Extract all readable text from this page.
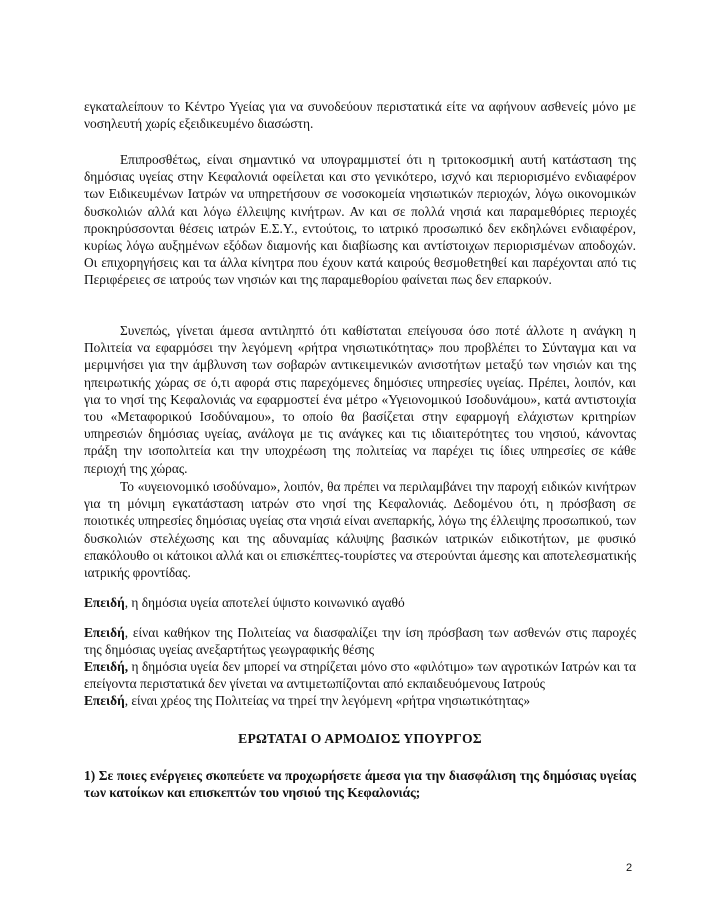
εγκαταλείπουν το Κέντρο Υγείας για να συνοδεύουν περιστατικά είτε να αφήνουν ασθενείς μόνο με νοσηλευτή χωρίς εξειδικευμένο διασώστη.
Επιπροσθέτως, είναι σημαντικό να υπογραμμιστεί ότι η τριτοκοσμική αυτή κατάσταση της δημόσιας υγείας στην Κεφαλονιά οφείλεται και στο γενικότερο, ισχνό και περιορισμένο ενδιαφέρον των Ειδικευμένων Ιατρών να υπηρετήσουν σε νοσοκομεία νησιωτικών περιοχών, λόγω οικονομικών δυσκολιών αλλά και λόγω έλλειψης κινήτρων. Αν και σε πολλά νησιά και παραμεθόριες περιοχές προκηρύσσονται θέσεις ιατρών Ε.Σ.Υ., εντούτοις, το ιατρικό προσωπικό δεν εκδηλώνει ενδιαφέρον, κυρίως λόγω αυξημένων εξόδων διαμονής και διαβίωσης και αντίστοιχων περιορισμένων αποδοχών. Οι επιχορηγήσεις και τα άλλα κίνητρα που έχουν κατά καιρούς θεσμοθετηθεί και παρέχονται από τις Περιφέρειες σε ιατρούς των νησιών και της παραμεθορίου φαίνεται πως δεν επαρκούν.
Συνεπώς, γίνεται άμεσα αντιληπτό ότι καθίσταται επείγουσα όσο ποτέ άλλοτε η ανάγκη η Πολιτεία να εφαρμόσει την λεγόμενη «ρήτρα νησιωτικότητας» που προβλέπει το Σύνταγμα και να μεριμνήσει για την άμβλυνση των σοβαρών αντικειμενικών ανισοτήτων μεταξύ των νησιών και της ηπειρωτικής χώρας σε ό,τι αφορά στις παρεχόμενες δημόσιες υπηρεσίες υγείας. Πρέπει, λοιπόν, και για το νησί της Κεφαλονιάς να εφαρμοστεί ένα μέτρο «Υγειονομικού Ισοδυνάμου», κατά αντιστοιχία του «Μεταφορικού Ισοδύναμου», το οποίο θα βασίζεται στην εφαρμογή ελάχιστων κριτηρίων υπηρεσιών δημόσιας υγείας, ανάλογα με τις ανάγκες και τις ιδιαιτερότητες του νησιού, κάνοντας πράξη την ισοπολιτεία και την υποχρέωση της πολιτείας να παρέχει τις ίδιες υπηρεσίες σε κάθε περιοχή της χώρας.
Το «υγειονομικό ισοδύναμο», λοιπόν, θα πρέπει να περιλαμβάνει την παροχή ειδικών κινήτρων για τη μόνιμη εγκατάσταση ιατρών στο νησί της Κεφαλονιάς. Δεδομένου ότι, η πρόσβαση σε ποιοτικές υπηρεσίες δημόσιας υγείας στα νησιά είναι ανεπαρκής, λόγω της έλλειψης προσωπικού, των δυσκολιών στελέχωσης και της αδυναμίας κάλυψης βασικών ιατρικών ειδικοτήτων, με φυσικό επακόλουθο οι κάτοικοι αλλά και οι επισκέπτες-τουρίστες να στερούνται άμεσης και αποτελεσματικής ιατρικής φροντίδας.
Επειδή, η δημόσια υγεία αποτελεί ύψιστο κοινωνικό αγαθό
Επειδή, είναι καθήκον της Πολιτείας να διασφαλίζει την ίση πρόσβαση των ασθενών στις παροχές της δημόσιας υγείας ανεξαρτήτως γεωγραφικής θέσης
Επειδή, η δημόσια υγεία δεν μπορεί να στηρίζεται μόνο στο «φιλότιμο» των αγροτικών Ιατρών και τα επείγοντα περιστατικά δεν γίνεται να αντιμετωπίζονται από εκπαιδευόμενους Ιατρούς
Επειδή, είναι χρέος της Πολιτείας να τηρεί την λεγόμενη «ρήτρα νησιωτικότητας»
ΕΡΩΤΑΤΑΙ Ο ΑΡΜΟΔΙΟΣ ΥΠΟΥΡΓΟΣ
1) Σε ποιες ενέργειες σκοπεύετε να προχωρήσετε άμεσα για την διασφάλιση της δημόσιας υγείας των κατοίκων και επισκεπτών του νησιού της Κεφαλονιάς;
2
